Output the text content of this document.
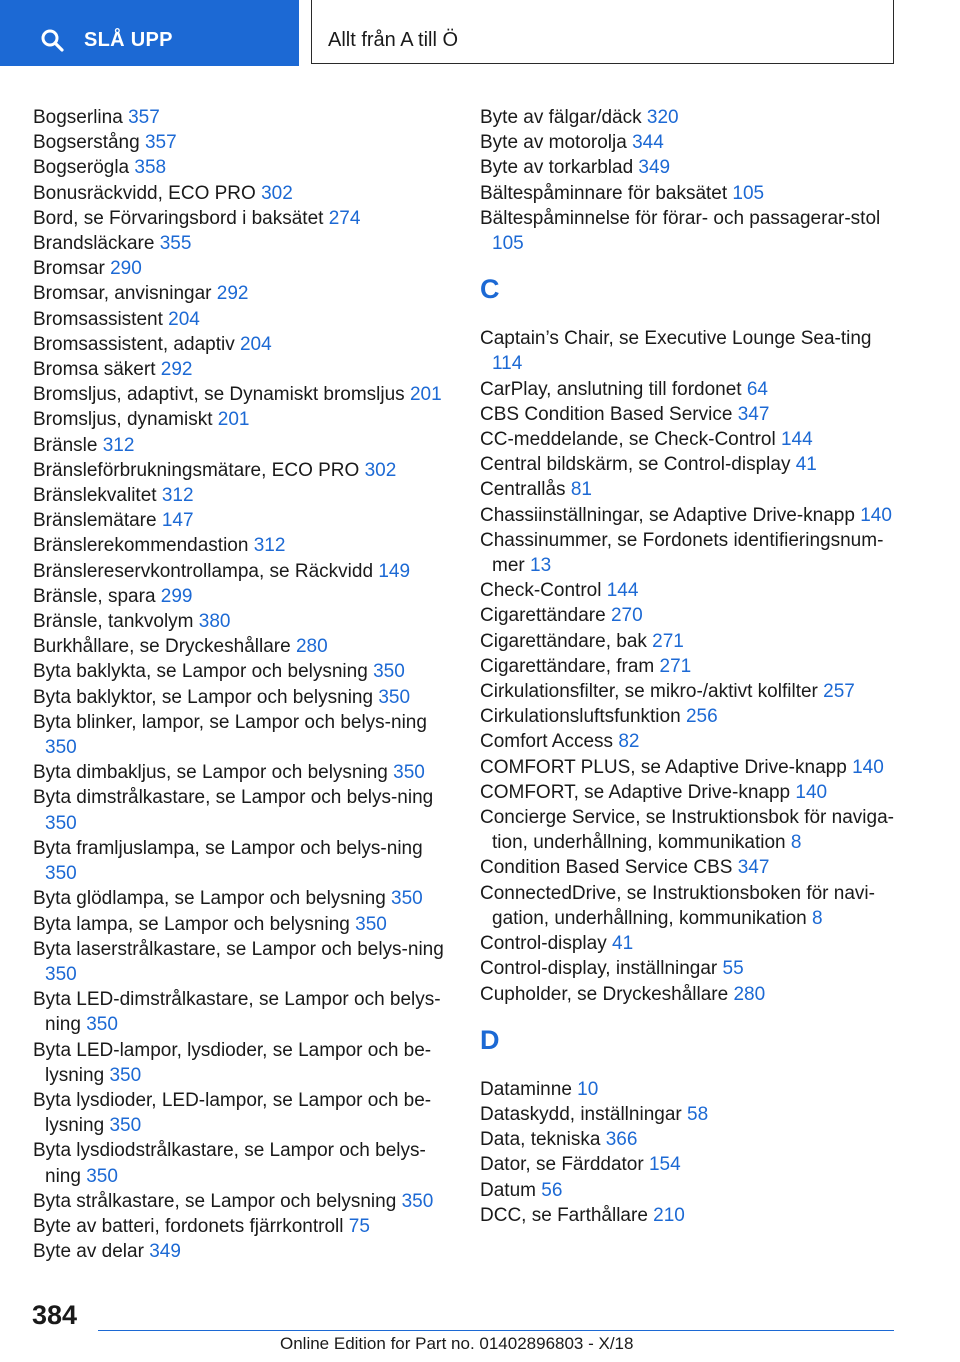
SLÅ UPP	Allt från A till Ö

Bogserlina 357

Bogserstång 357

Bogserögla 358

Bonusräckvidd, ECO PRO 302

Bord, se Förvaringsbord i baksätet 274

Brandsläckare 355

Bromsar 290

Bromsar, anvisningar 292

Bromsassistent 204

Bromsassistent, adaptiv 204

Bromsa säkert 292

Bromsljus, adaptivt, se Dynamiskt bromsljus 201

Bromsljus, dynamiskt 201

Bränsle 312

Bränsleförbrukningsmätare, ECO PRO 302

Bränslekvalitet 312

Bränslemätare 147

Bränslerekommendastion 312

Bränslereservkontrollampa, se Räckvidd 149

Bränsle, spara 299

Bränsle, tankvolym 380

Burkhållare, se Dryckeshållare 280

Byta baklykta, se Lampor och belysning 350

Byta baklyktor, se Lampor och belysning 350

Byta blinker, lampor, se Lampor och belys‐ning 350

Byta dimbakljus, se Lampor och belysning 350

Byta dimstrålkastare, se Lampor och belys‐ning 350

Byta framljuslampa, se Lampor och belys‐ning 350

Byta glödlampa, se Lampor och belysning 350

Byta lampa, se Lampor och belysning 350

Byta laserstrålkastare, se Lampor och belys‐ning 350

Byta LED-dimstrålkastare, se Lampor och belys‐ning 350

Byta LED-lampor, lysdioder, se Lampor och be‐lysning 350

Byta lysdioder, LED-lampor, se Lampor och be‐lysning 350

Byta lysdiodstrålkastare, se Lampor och belys‐ning 350

Byta strålkastare, se Lampor och belysning 350

Byte av batteri, fordonets fjärrkontroll 75

Byte av delar 349

Byte av fälgar/däck 320

Byte av motorolja 344

Byte av torkarblad 349

Bältespåminnare för baksätet 105

Bältespåminnelse för förar- och passagerar‐stol 105

C

Captain’s Chair, se Executive Lounge Sea‐ting 114

CarPlay, anslutning till fordonet 64

CBS Condition Based Service 347

CC-meddelande, se Check-Control 144

Central bildskärm, se Control-display 41

Centrallås 81

Chassiinställningar, se Adaptive Drive-knapp 140

Chassinummer, se Fordonets identifieringsnum‐mer 13

Check-Control 144

Cigarettändare 270

Cigarettändare, bak 271

Cigarettändare, fram 271

Cirkulationsfilter, se mikro-/aktivt kolfilter 257

Cirkulationsluftsfunktion 256

Comfort Access 82

COMFORT PLUS, se Adaptive Drive-knapp 140

COMFORT, se Adaptive Drive-knapp 140

Concierge Service, se Instruktionsbok för naviga‐tion, underhållning, kommunikation 8

Condition Based Service CBS 347

ConnectedDrive, se Instruktionsboken för navi‐gation, underhållning, kommunikation 8

Control-display 41

Control-display, inställningar 55

Cupholder, se Dryckeshållare 280

D

Dataminne 10

Dataskydd, inställningar 58

Data, tekniska 366

Dator, se Färddator 154

Datum 56

DCC, se Farthållare 210

384
Online Edition for Part no. 01402896803 - X/18
